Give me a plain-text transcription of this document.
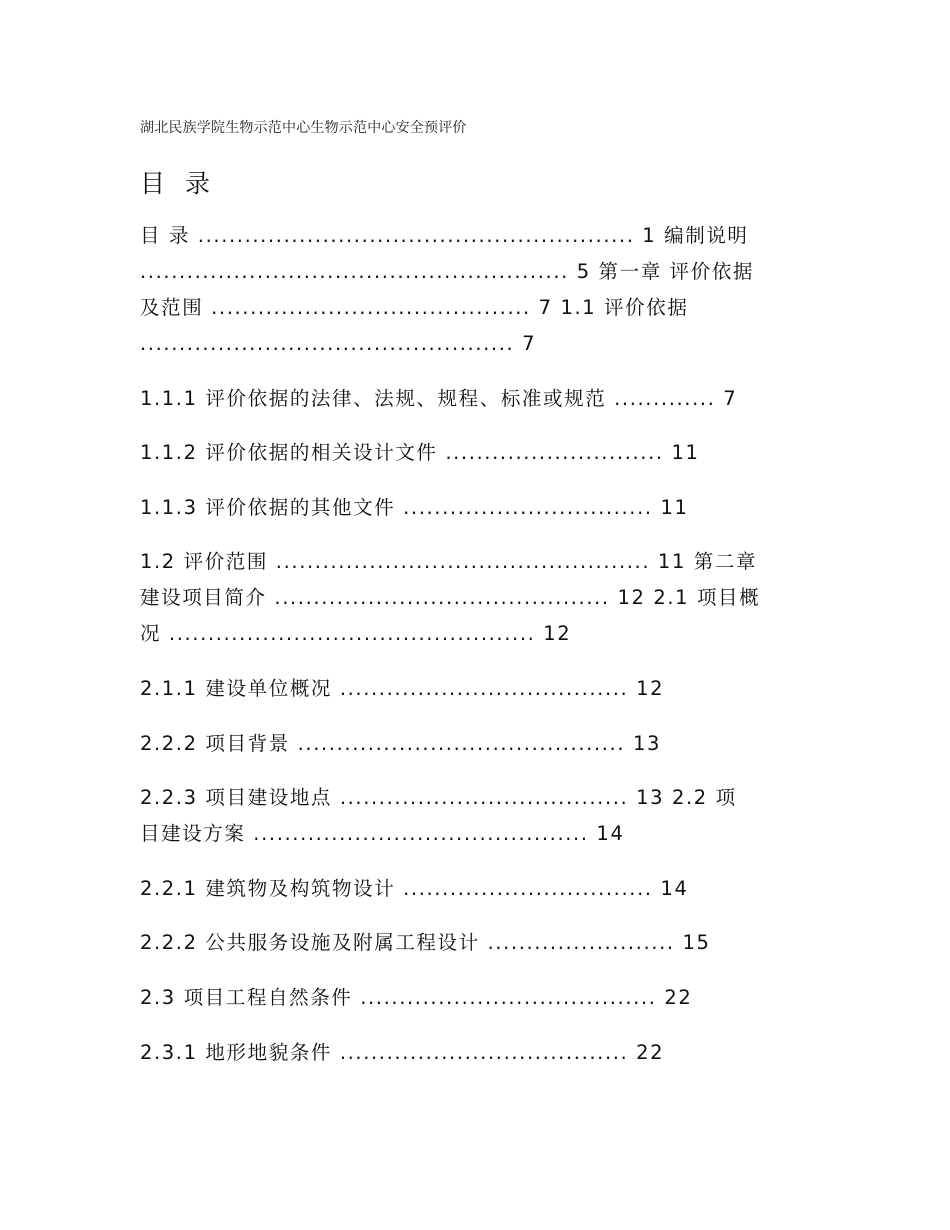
湖北民族学院生物示范中心生物示范中心安全预评价
目 录
目 录 ........................................................ 1 编制说明
....................................................... 5 第一章 评价依据
及范围 ......................................... 7 1.1 评价依据
................................................ 7
1.1.1 评价依据的法律、法规、规程、标准或规范 ............. 7
1.1.2 评价依据的相关设计文件 ............................ 11
1.1.3 评价依据的其他文件 ................................ 11
1.2 评价范围 ................................................ 11 第二章
建设项目简介 ........................................... 12 2.1 项目概
况 ............................................... 12
2.1.1 建设单位概况 ..................................... 12
2.2.2 项目背景 .......................................... 13
2.2.3 项目建设地点 ..................................... 13 2.2 项
目建设方案 ........................................... 14
2.2.1 建筑物及构筑物设计 ................................ 14
2.2.2 公共服务设施及附属工程设计 ........................ 15
2.3 项目工程自然条件 ...................................... 22
2.3.1 地形地貌条件 ..................................... 22
